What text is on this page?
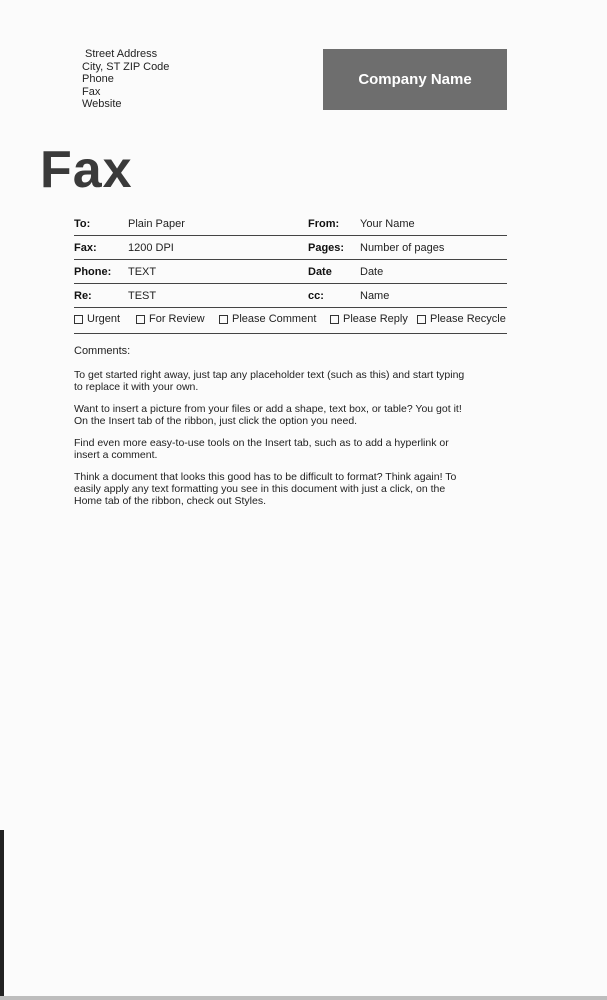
Street Address
City, ST ZIP Code
Phone
Fax
Website
Company Name
Fax
To:	Plain Paper	From: Your Name
Fax:	1200 DPI	Pages: Number of pages
Phone: TEXT	Date	Date
Re:	TEST	cc:	Name
Urgent	For Review Please Comment Please Reply Please Recycle
Comments:

To get started right away, just tap any placeholder text (such as this) and start typing to replace it with your own.

Want to insert a picture from your files or add a shape, text box, or table? You got it! On the Insert tab of the ribbon, just click the option you need.

Find even more easy-to-use tools on the Insert tab, such as to add a hyperlink or insert a comment.

Think a document that looks this good has to be difficult to format? Think again! To easily apply any text formatting you see in this document with just a click, on the Home tab of the ribbon, check out Styles.
